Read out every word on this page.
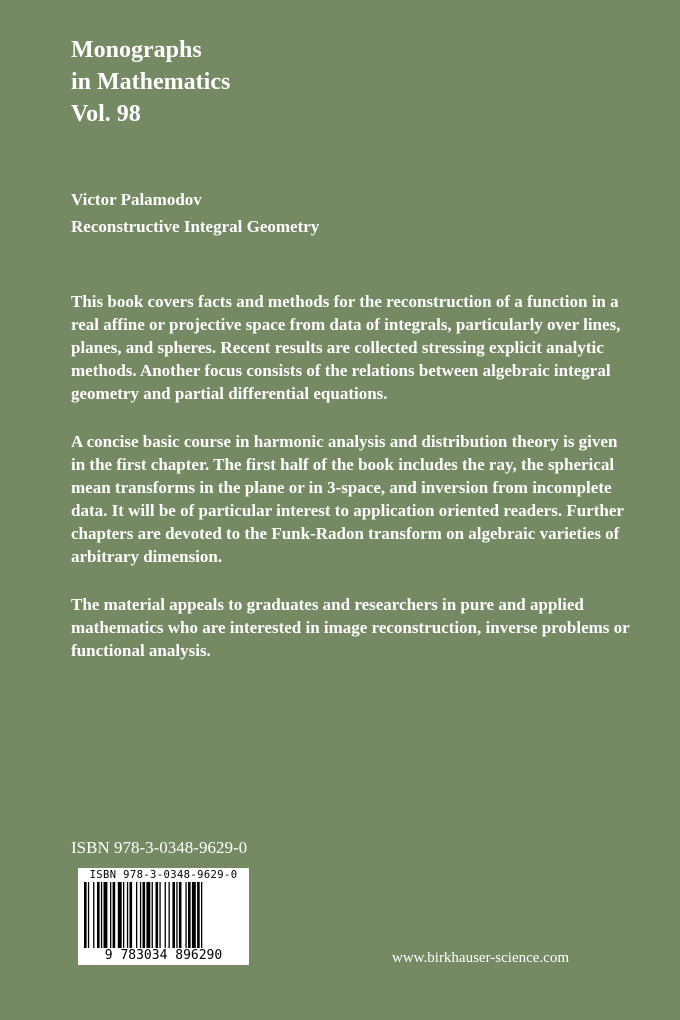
Monographs
in Mathematics
Vol. 98
Victor Palamodov
Reconstructive Integral Geometry

This book covers facts and methods for the reconstruction of a function in a real affine or projective space from data of integrals, particularly over lines, planes, and spheres. Recent results are collected stressing explicit analytic methods. Another focus consists of the relations between algebraic integral geometry and partial differential equations.

A concise basic course in harmonic analysis and distribution theory is given in the first chapter. The first half of the book includes the ray, the spherical mean transforms in the plane or in 3-space, and inversion from incomplete data. It will be of particular interest to application oriented readers. Further chapters are devoted to the Funk-Radon transform on algebraic varieties of arbitrary dimension.

The material appeals to graduates and researchers in pure and applied mathematics who are interested in image reconstruction, inverse problems or functional analysis.

ISBN 978-3-0348-9629-0
ISBN 978-3-0348-9629-0
9 783034 896290	www.birkhauser-science.com
